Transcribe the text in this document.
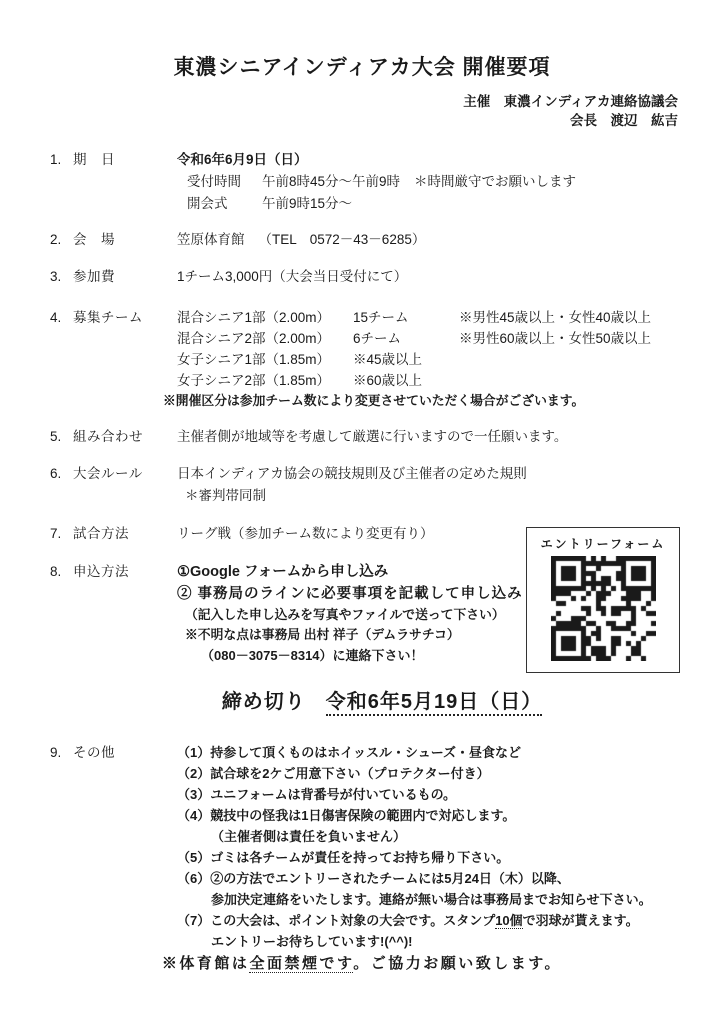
東濃シニアインディアカ大会 開催要項
主催　東濃インディアカ連絡協議会
会長　渡辺　紘吉
1. 期　日	令和6年6月9日（日）
受付時間 午前8時45分～午前9時 ＊時間厳守でお願いします
開会式	午前9時15分～
2. 会　場	笠原体育館 （TEL　0572－43－6285）
3. 参加費	1チーム3,000円（大会当日受付にて）
4. 募集チーム	混合シニア1部（2.00m）	15チーム	※男性45歳以上・女性40歳以上
混合シニア2部（2.00m）	6チーム	※男性60歳以上・女性50歳以上
女子シニア1部（1.85m）	※45歳以上
女子シニア2部（1.85m）	※60歳以上
※開催区分は参加チーム数により変更させていただく場合がございます。
5. 組み合わせ	主催者側が地域等を考慮して厳選に行いますので一任願います。
6. 大会ルール	日本インディアカ協会の競技規則及び主催者の定めた規則
＊審判帯同制
7. 試合方法	リーグ戦（参加チーム数により変更有り）
8. 申込方法	①Google フォームから申し込み
② 事務局のラインに必要事項を記載して申し込み
（記入した申し込みを写真やファイルで送って下さい）
※不明な点は事務局 出村 祥子（デムラサチコ）
（080－3075－8314）に連絡下さい！
締め切り 令和6年5月19日（日）
9. その他	（1）持参して頂くものはホイッスル・シューズ・昼食など
（2）試合球を2ケご用意下さい（プロテクター付き）
（3）ユニフォームは背番号が付いているもの。
（4）競技中の怪我は1日傷害保険の範囲内で対応します。
（主催者側は責任を負いません）
（5）ゴミは各チームが責任を持ってお持ち帰り下さい。
（6）②の方法でエントリーされたチームには5月24日（木）以降、
参加決定連絡をいたします。連絡が無い場合は事務局までお知らせ下さい。
（7）この大会は、ポイント対象の大会です。スタンプ10個で羽球が貰えます。
エントリーお待ちしています!(^^)!
※体育館は全面禁煙です。ご協力お願い致します。
エントリーフォーム
